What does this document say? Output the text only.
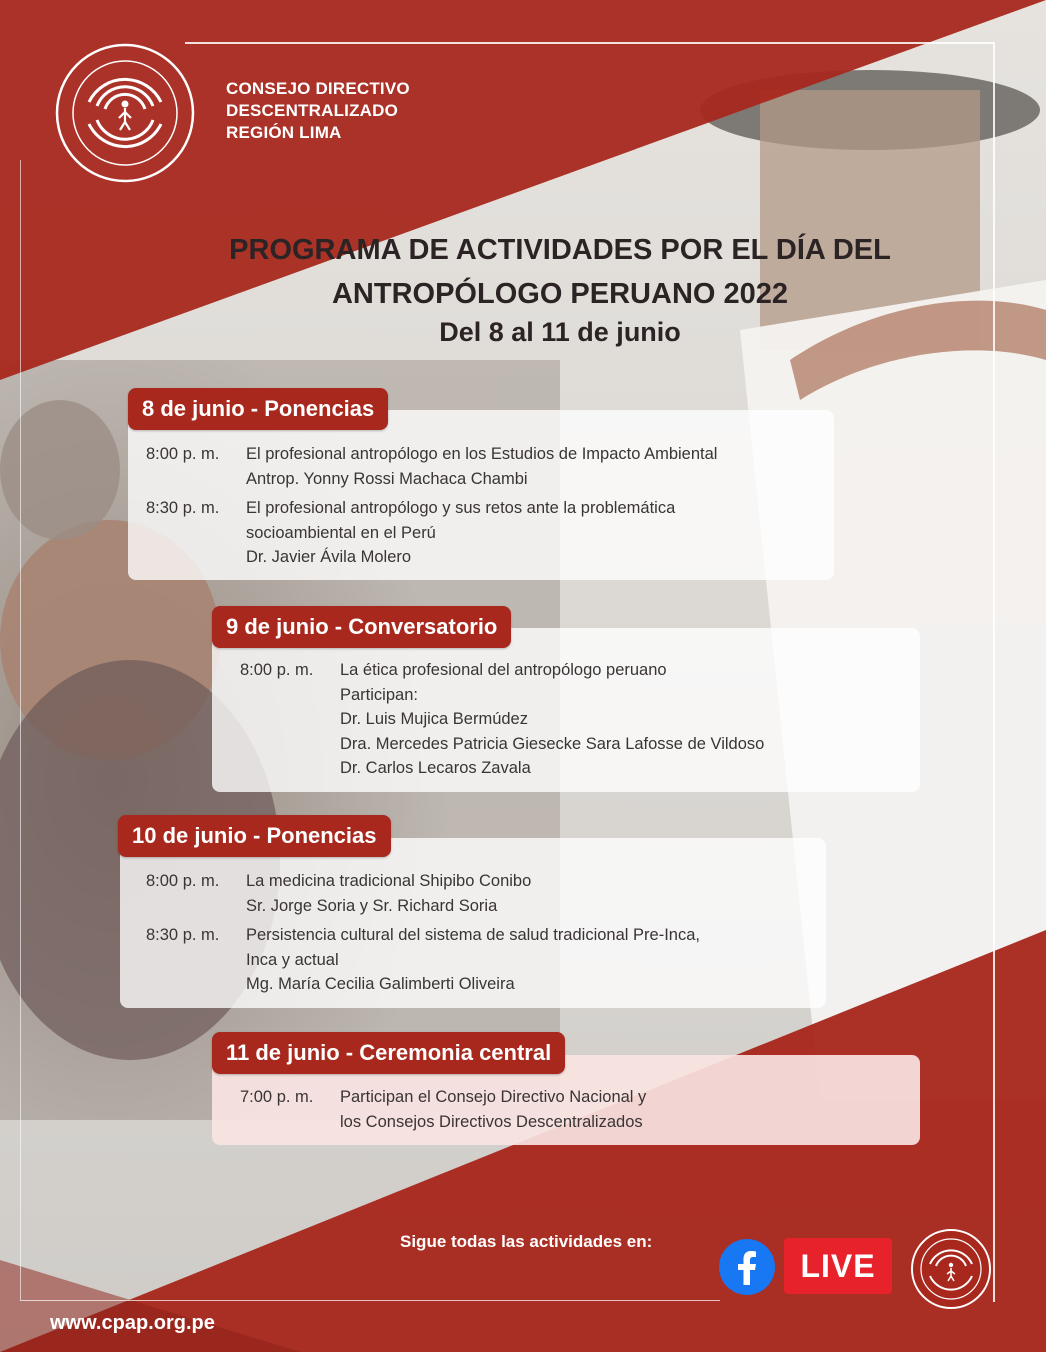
CONSEJO DIRECTIVO
DESCENTRALIZADO
REGIÓN LIMA
PROGRAMA DE ACTIVIDADES POR EL DÍA DEL
ANTROPÓLOGO PERUANO 2022
Del 8 al 11 de junio
8 de junio - Ponencias
8:00 p. m. El profesional antropólogo en los Estudios de Impacto Ambiental
Antrop. Yonny Rossi Machaca Chambi
8:30 p. m. El profesional antropólogo y sus retos ante la problemática
socioambiental en el Perú
Dr. Javier Ávila Molero
9 de junio - Conversatorio
8:00 p. m. La ética profesional del antropólogo peruano
Participan:
Dr. Luis Mujica Bermúdez
Dra. Mercedes Patricia Giesecke Sara Lafosse de Vildoso
Dr. Carlos Lecaros Zavala
10 de junio - Ponencias
8:00 p. m. La medicina tradicional Shipibo Conibo
Sr. Jorge Soria y Sr. Richard Soria
8:30 p. m. Persistencia cultural del sistema de salud tradicional Pre-Inca,
Inca y actual
Mg. María Cecilia Galimberti Oliveira
11 de junio - Ceremonia central
7:00 p. m. Participan el Consejo Directivo Nacional y
los Consejos Directivos Descentralizados
Sigue todas las actividades en:
LIVE
www.cpap.org.pe
